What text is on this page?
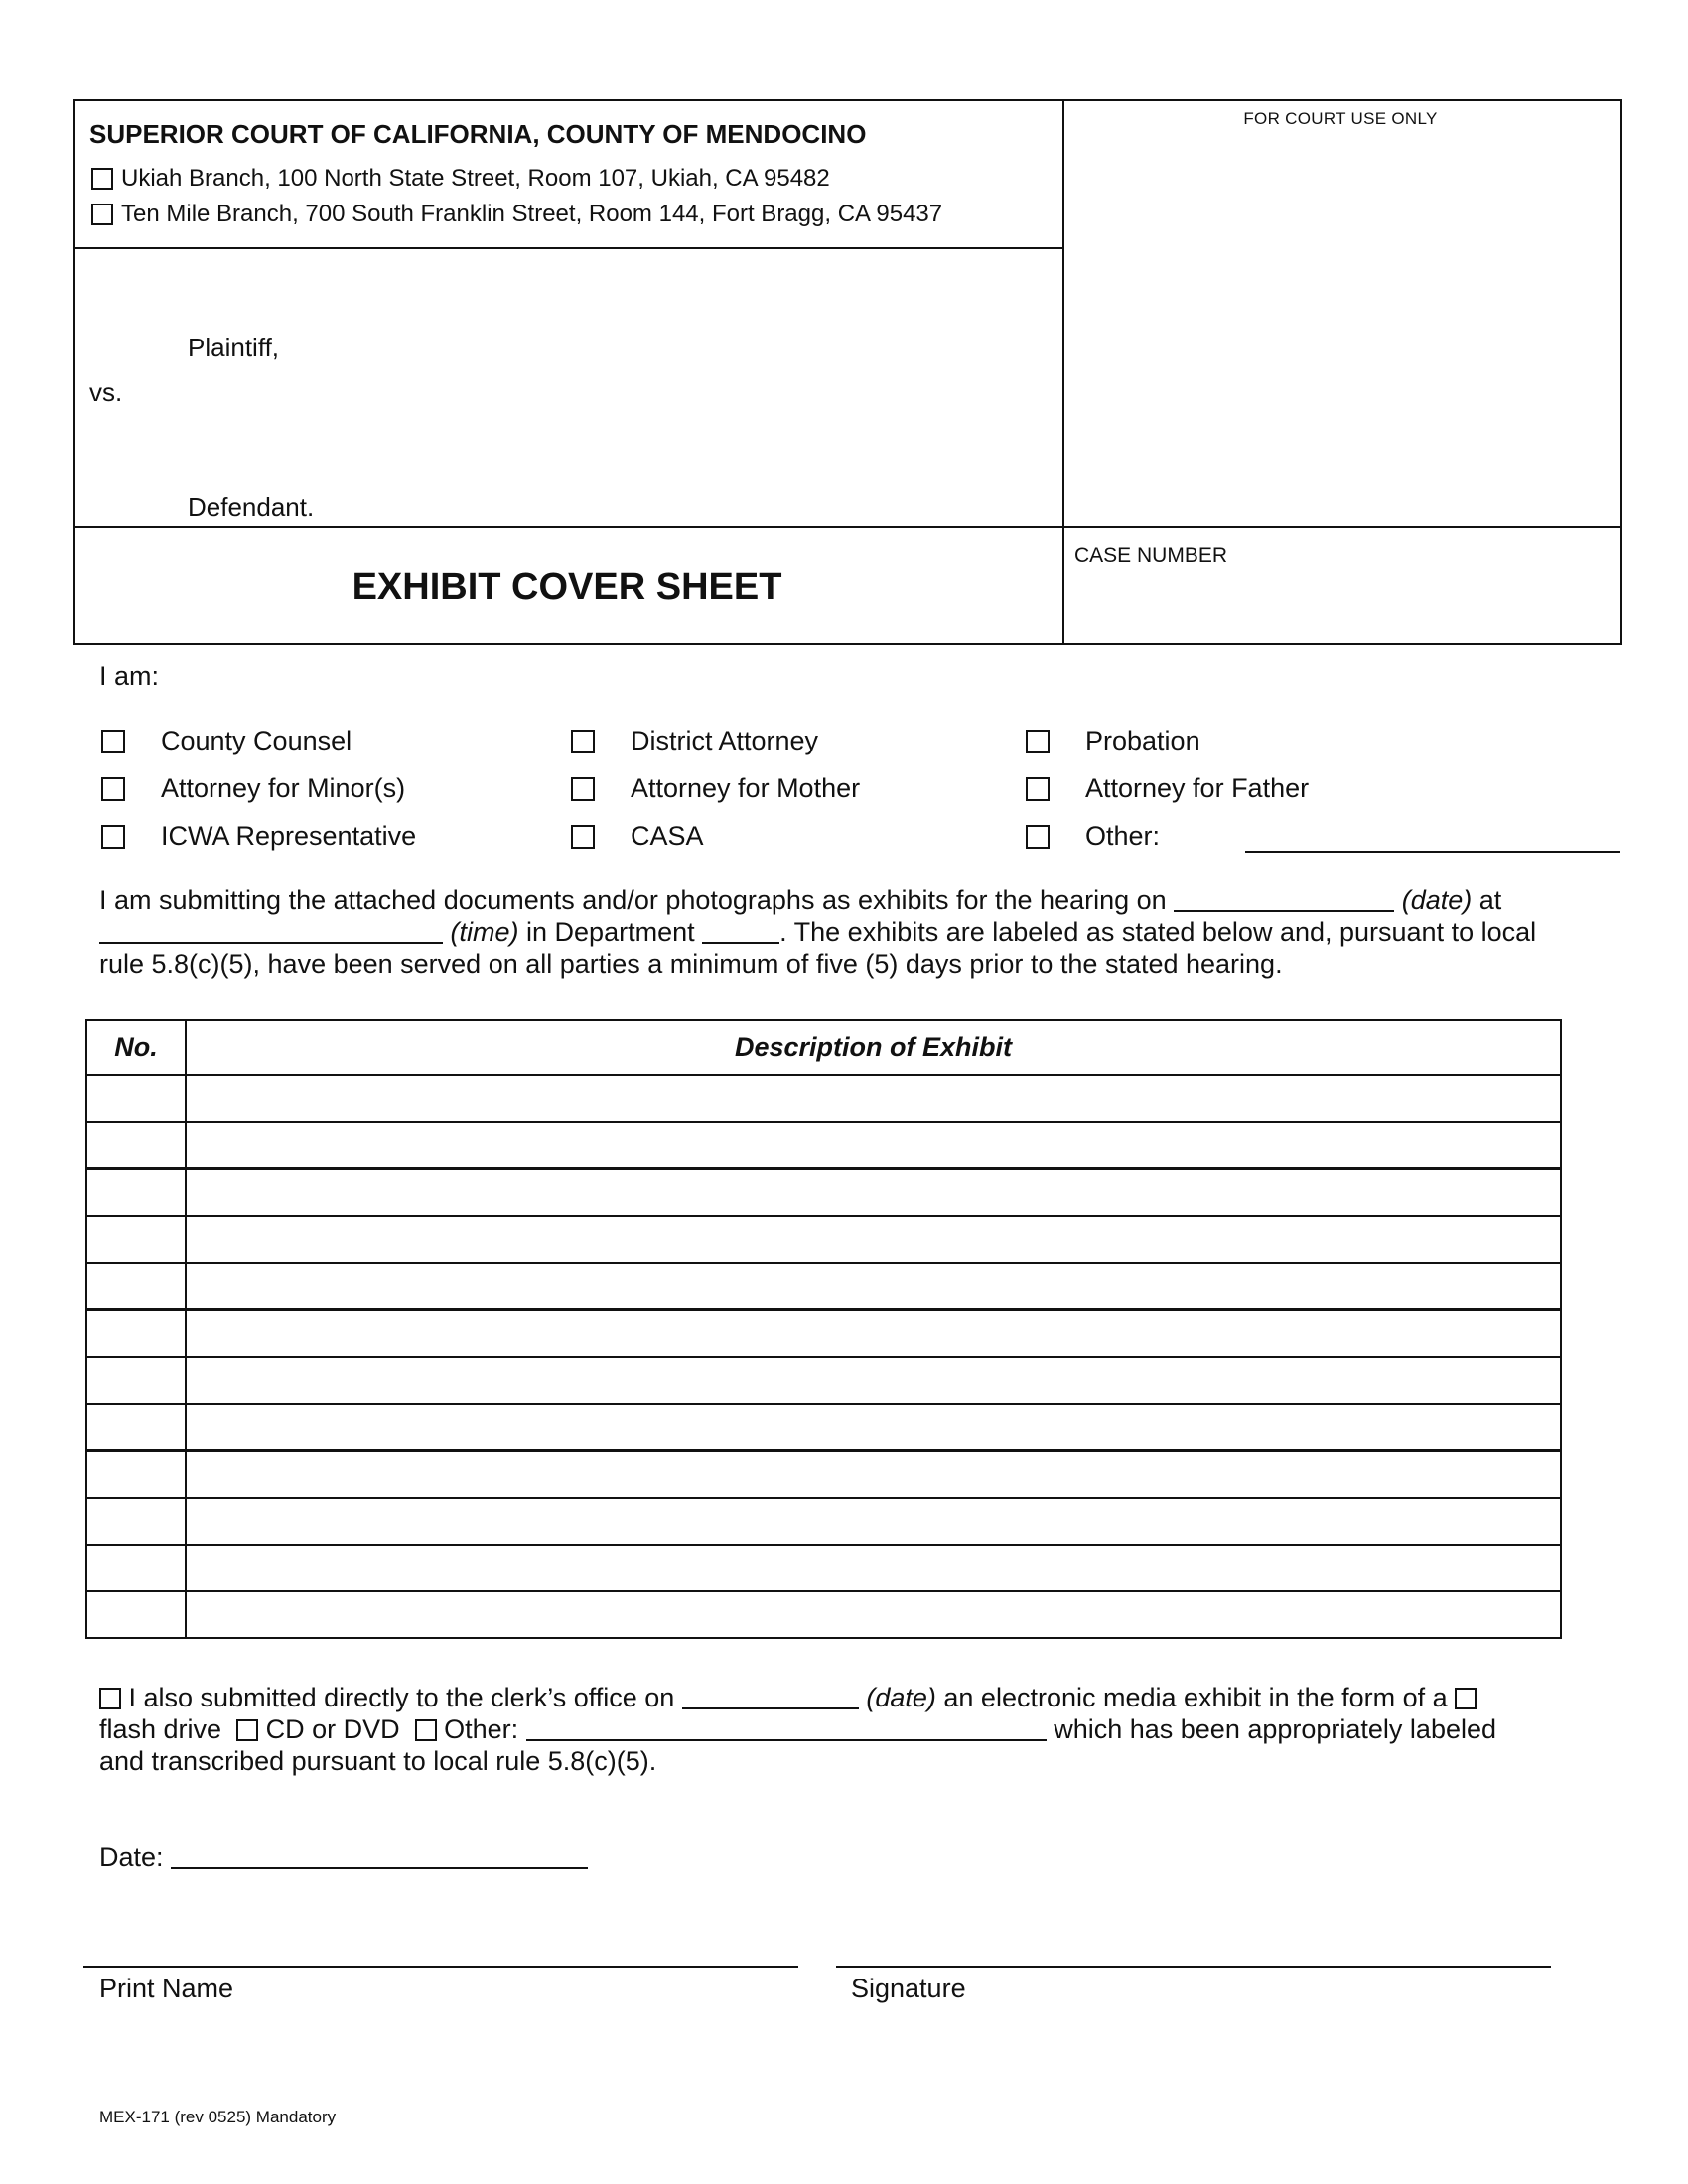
SUPERIOR COURT OF CALIFORNIA, COUNTY OF MENDOCINO
Ukiah Branch, 100 North State Street, Room 107, Ukiah, CA 95482
Ten Mile Branch, 700 South Franklin Street, Room 144, Fort Bragg, CA 95437
FOR COURT USE ONLY
Plaintiff,
vs.
Defendant.
EXHIBIT COVER SHEET
CASE NUMBER
I am:
County Counsel	District Attorney	Probation
Attorney for Minor(s)	Attorney for Mother	Attorney for Father
ICWA Representative	CASA	Other:
I am submitting the attached documents and/or photographs as exhibits for the hearing on	(date) at
(time) in Department	. The exhibits are labeled as stated below and, pursuant to local
rule 5.8(c)(5), have been served on all parties a minimum of five (5) days prior to the stated hearing.
No.	Description of Exhibit

I also submitted directly to the clerk’s office on	(date) an electronic media exhibit in the form of a
flash drive CD or DVD Other:	which has been appropriately labeled
and transcribed pursuant to local rule 5.8(c)(5).
Date:
Print Name	Signature
MEX-171 (rev 0525) Mandatory
